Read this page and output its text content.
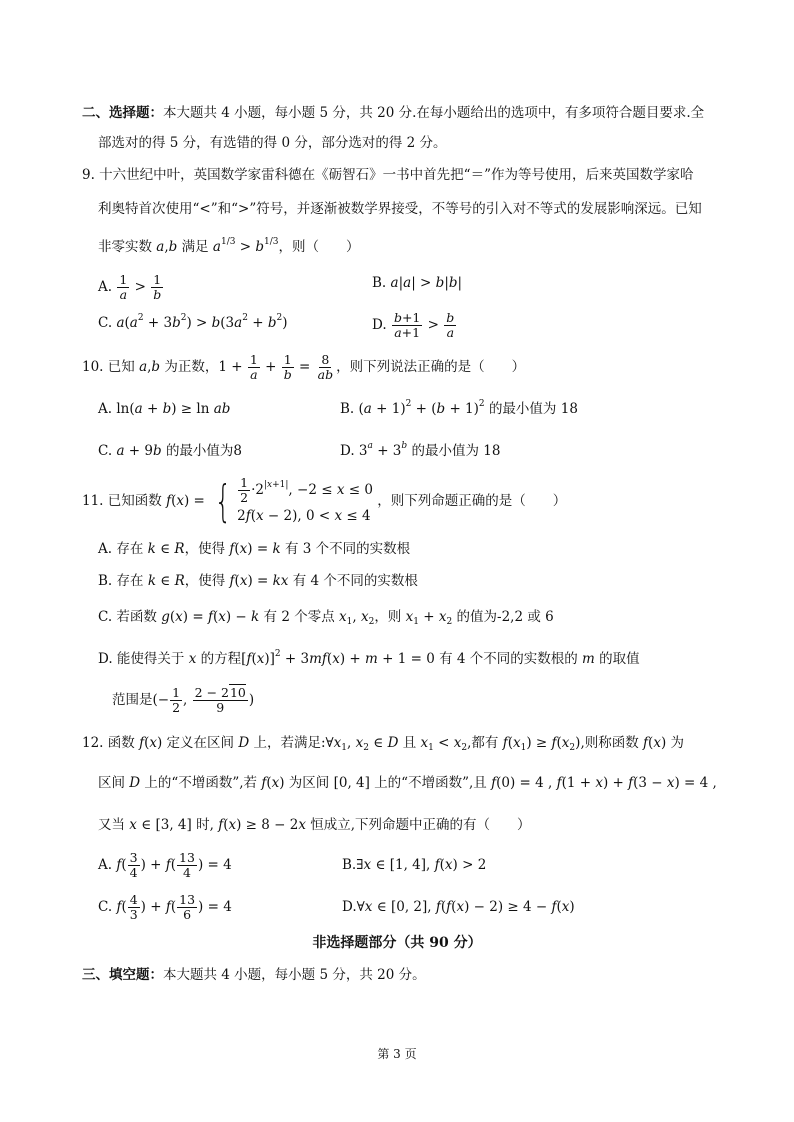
二、选择题：本大题共 4 小题，每小题 5 分，共 20 分.在每小题给出的选项中，有多项符合题目要求.全
部选对的得 5 分，有选错的得 0 分，部分选对的得 2 分。
9. 十六世纪中叶，英国数学家雷科德在《砺智石》一书中首先把“＝”作为等号使用，后来英国数学家哈
利奥特首次使用“<”和“>”符号，并逐渐被数学界接受，不等号的引入对不等式的发展影响深远。已知
非零实数 a,b 满足 $a^{1/3} > b^{1/3}$，则（　　）
A. $\frac{1}{a} > \frac{1}{b}$	B. a|a| > b|b|
C. $a(a^2 + 3b^2) > b(3a^2 + b^2)$	D. $\frac{b+1}{a+1} > \frac{b}{a}$
10. 已知 a,b 为正数，$1 + \frac{1}{a} + \frac{1}{b} = \frac{8}{ab}$ ，则下列说法正确的是（　　）
A. ln(a + b) ≥ ln ab	B. $(a + 1)^2 + (b + 1)^2$ 的最小值为 18
C. a + 9b 的最小值为8	D. $3^a + 3^b$ 的最小值为 18
11. 已知函数 f(x) = { $\frac{1}{2} \cdot 2^{|x+1|}$, −2 ≤ x ≤ 0
2f(x − 2), 0 < x ≤ 4
，则下列命题正确的是（　　）
A. 存在 k ∈ R，使得 f(x) = k 有 3 个不同的实数根
B. 存在 k ∈ R，使得 f(x) = kx 有 4 个不同的实数根
C. 若函数 g(x) = f(x) − k 有 2 个零点 $x_1$, $x_2$，则 $x_1 + x_2$ 的值为-2,2 或 6
D. 能使得关于 x 的方程$[f(x)]^2 + 3mf(x) + m + 1 = 0$ 有 4 个不同的实数根的 m 的取值
范围是(− $\frac{1}{2}$ , $\frac{2 - 210}{9}$ )
12. 函数 f(x) 定义在区间 D 上，若满足$:\forall x_1$, $x_2$ ∈ D 且 $x_1 < x_2$,都有 $f(x_1) \ge f(x_2)$,则称函数 f(x) 为
区间 D 上的“不增函数”,若 f(x) 为区间 [0, 4] 上的“不增函数”,且 f(0) = 4 , f(1 + x) + f(3 − x) = 4 ,
又当 x ∈ [3, 4] 时, f(x) ≥ 8 − 2x 恒成立,下列命题中正确的有（　　）
A. $f( \frac{3}{4}$ ) + $f( \frac{13}{4}$ ) = 4	B.∃x ∈ [1, 4], f(x) > 2
C. $f( \frac{4}{3}$ ) + $f( \frac{13}{6}$ ) = 4	D.∀x ∈ [0, 2], f(f(x) − 2) ≥ 4 − f(x)
非选择题部分（共 90 分）
三、填空题：本大题共 4 小题，每小题 5 分，共 20 分。
第 3 页
